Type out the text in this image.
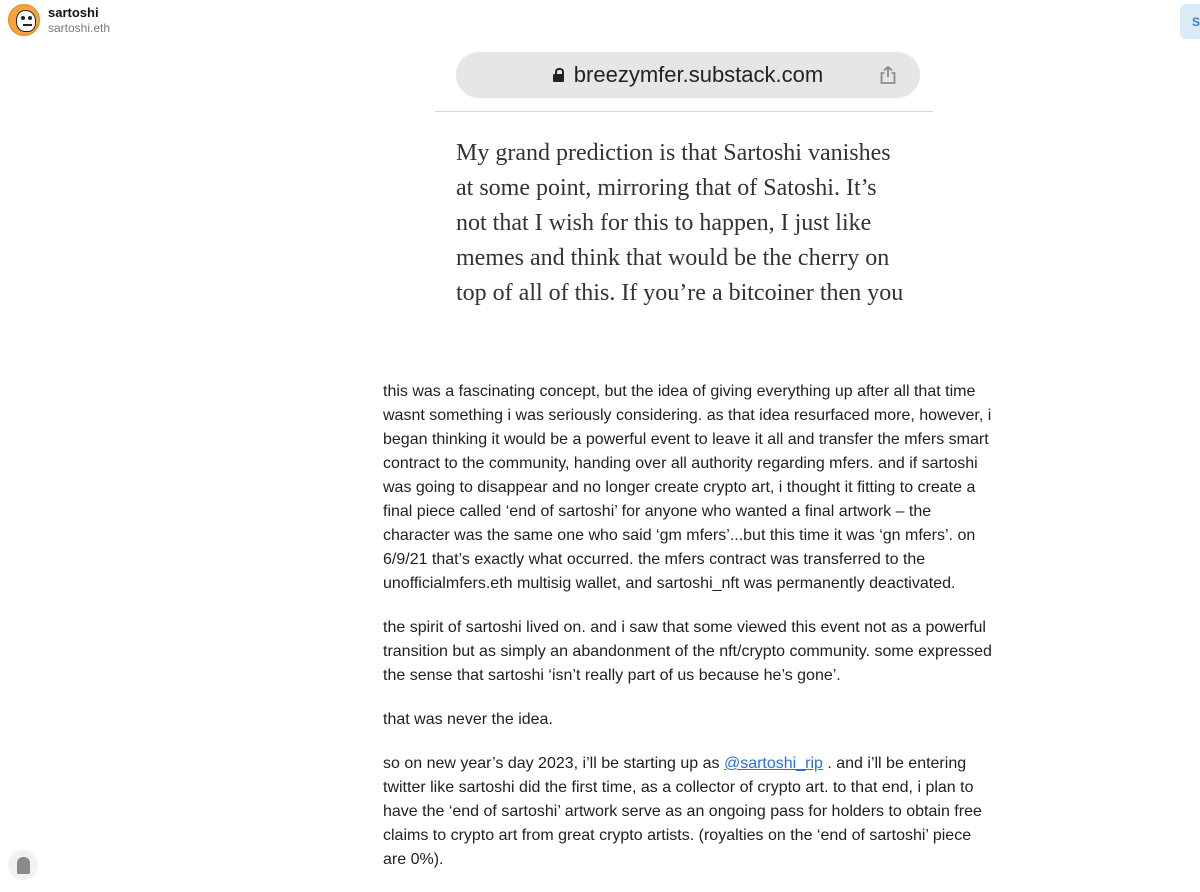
sartoshi
sartoshi.eth	S
breezymfer.substack.com
My grand prediction is that Sartoshi vanishes
at some point, mirroring that of Satoshi. It’s
not that I wish for this to happen, I just like
memes and think that would be the cherry on
top of all of this. If you’re a bitcoiner then you

this was a fascinating concept, but the idea of giving everything up after all that time
wasnt something i was seriously considering. as that idea resurfaced more, however, i
began thinking it would be a powerful event to leave it all and transfer the mfers smart
contract to the community, handing over all authority regarding mfers. and if sartoshi
was going to disappear and no longer create crypto art, i thought it fitting to create a
final piece called ‘end of sartoshi’ for anyone who wanted a final artwork – the
character was the same one who said ‘gm mfers’...but this time it was ‘gn mfers’. on
6/9/21 that’s exactly what occurred. the mfers contract was transferred to the
unofficialmfers.eth multisig wallet, and sartoshi_nft was permanently deactivated.

the spirit of sartoshi lived on. and i saw that some viewed this event not as a powerful
transition but as simply an abandonment of the nft/crypto community. some expressed
the sense that sartoshi ‘isn’t really part of us because he’s gone’.

that was never the idea.

so on new year’s day 2023, i’ll be starting up as @sartoshi_rip . and i’ll be entering
twitter like sartoshi did the first time, as a collector of crypto art. to that end, i plan to
have the ‘end of sartoshi’ artwork serve as an ongoing pass for holders to obtain free
claims to crypto art from great crypto artists. (royalties on the ‘end of sartoshi’ piece
are 0%).
